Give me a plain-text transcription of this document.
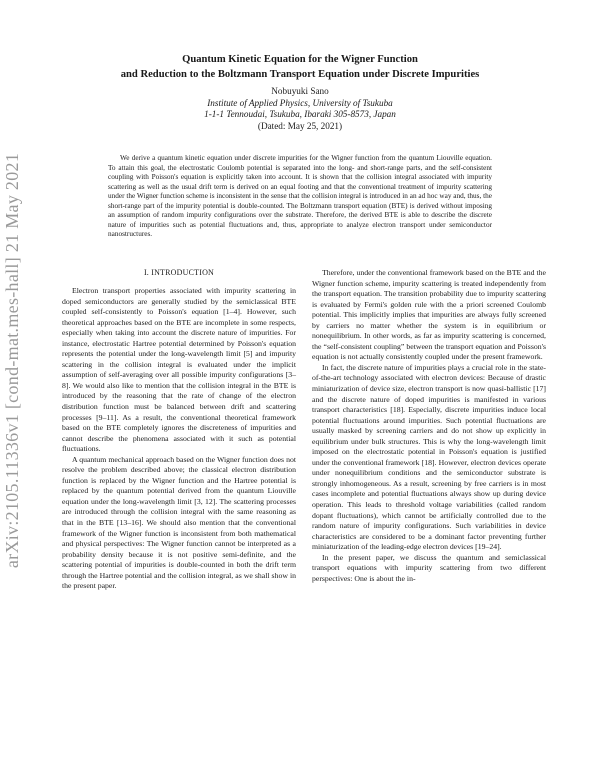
arXiv:2105.11336v1 [cond-mat.mes-hall] 21 May 2021
Quantum Kinetic Equation for the Wigner Function
and Reduction to the Boltzmann Transport Equation under Discrete Impurities
Nobuyuki Sano
Institute of Applied Physics, University of Tsukuba
1-1-1 Tennoudai, Tsukuba, Ibaraki 305-8573, Japan
(Dated: May 25, 2021)
We derive a quantum kinetic equation under discrete impurities for the Wigner function from the quantum Liouville equation. To attain this goal, the electrostatic Coulomb potential is separated into the long- and short-range parts, and the self-consistent coupling with Poisson's equation is explicitly taken into account. It is shown that the collision integral associated with impurity scattering as well as the usual drift term is derived on an equal footing and that the conventional treatment of impurity scattering under the Wigner function scheme is inconsistent in the sense that the collision integral is introduced in an ad hoc way and, thus, the short-range part of the impurity potential is double-counted. The Boltzmann transport equation (BTE) is derived without imposing an assumption of random impurity configurations over the substrate. Therefore, the derived BTE is able to describe the discrete nature of impurities such as potential fluctuations and, thus, appropriate to analyze electron transport under semiconductor nanostructures.
I. INTRODUCTION

Electron transport properties associated with impurity scattering in doped semiconductors are generally studied by the semiclassical BTE coupled self-consistently to Poisson's equation [1–4]. However, such theoretical approaches based on the BTE are incomplete in some respects, especially when taking into account the discrete nature of impurities. For instance, electrostatic Hartree potential determined by Poisson's equation represents the potential under the long-wavelength limit [5] and impurity scattering in the collision integral is evaluated under the implicit assumption of self-averaging over all possible impurity configurations [3–8]. We would also like to mention that the collision integral in the BTE is introduced by the reasoning that the rate of change of the electron distribution function must be balanced between drift and scattering processes [9–11]. As a result, the conventional theoretical framework based on the BTE completely ignores the discreteness of impurities and cannot describe the phenomena associated with it such as potential fluctuations.

A quantum mechanical approach based on the Wigner function does not resolve the problem described above; the classical electron distribution function is replaced by the Wigner function and the Hartree potential is replaced by the quantum potential derived from the quantum Liouville equation under the long-wavelength limit [3, 12]. The scattering processes are introduced through the collision integral with the same reasoning as that in the BTE [13–16]. We should also mention that the conventional framework of the Wigner function is inconsistent from both mathematical and physical perspectives: The Wigner function cannot be interpreted as a probability density because it is not positive semi-definite, and the scattering potential of impurities is double-counted in both the drift term through the Hartree potential and the collision integral, as we shall show in the present paper.

Therefore, under the conventional framework based on the BTE and the Wigner function scheme, impurity scattering is treated independently from the transport equation. The transition probability due to impurity scattering is evaluated by Fermi's golden rule with the a priori screened Coulomb potential. This implicitly implies that impurities are always fully screened by carriers no matter whether the system is in equilibrium or nonequilibrium. In other words, as far as impurity scattering is concerned, the “self-consistent coupling” between the transport equation and Poisson's equation is not actually consistently coupled under the present framework.

In fact, the discrete nature of impurities plays a crucial role in the state-of-the-art technology associated with electron devices: Because of drastic miniaturization of device size, electron transport is now quasi-ballistic [17] and the discrete nature of doped impurities is manifested in various transport characteristics [18]. Especially, discrete impurities induce local potential fluctuations around impurities. Such potential fluctuations are usually masked by screening carriers and do not show up explicitly in equilibrium under bulk structures. This is why the long-wavelength limit imposed on the electrostatic potential in Poisson's equation is justified under the conventional framework [18]. However, electron devices operate under nonequilibrium conditions and the semiconductor substrate is strongly inhomogeneous. As a result, screening by free carriers is in most cases incomplete and potential fluctuations always show up during device operation. This leads to threshold voltage variabilities (called random dopant fluctuations), which cannot be artificially controlled due to the random nature of impurity configurations. Such variabilities in device characteristics are considered to be a dominant factor preventing further miniaturization of the leading-edge electron devices [19–24].

In the present paper, we discuss the quantum and semiclassical transport equations with impurity scattering from two different perspectives: One is about the in-
